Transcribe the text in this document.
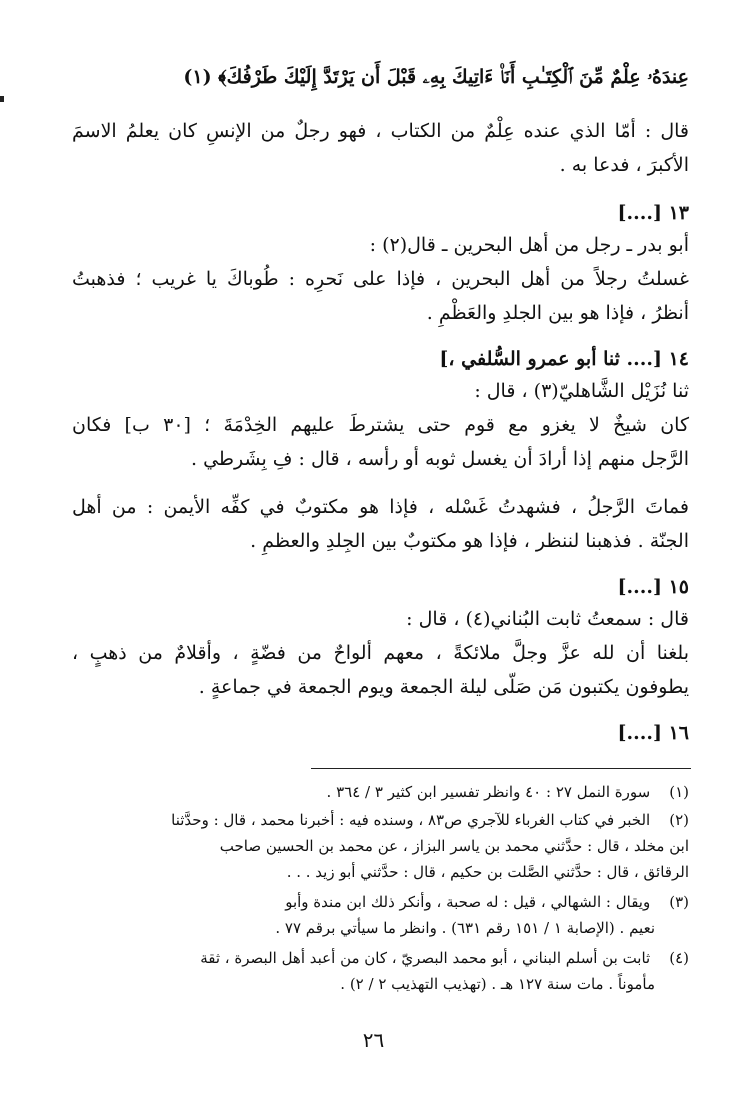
عِندَهُۥ عِلْمٌ مِّنَ ٱلْكِتَـٰبِ أَنَا۠ ءَاتِيكَ بِهِۦ قَبْلَ أَن يَرْتَدَّ إِلَيْكَ طَرْفُكَ﴾ (١)
قال : أمّا الذي عنده عِلْمٌ من الكتاب ، فهو رجلٌ من الإنسِ كان يعلمُ الاسمَ
الأكبرَ ، فدعا به .
١٣ [....]
أبو بدر ـ رجل من أهل البحرين ـ قال(٢) :
غسلتُ رجلاً من أهل البحرين ، فإذا على نَحرِه : طُوباكَ يا غريب ؛ فذهبتُ
أنظرُ ، فإذا هو بين الجلدِ والعَظْمِ .
١٤ [.... ثنا أبو عمرو السُّلفي ،]
ثنا نُزَيْل الشَّاهليّ(٣) ، قال :
كان شيخٌ لا يغزو مع قوم حتى يشترطَ عليهم الخِدْمَةَ ؛ [٣٠ ب] فكان
الرَّجل منهم إذا أرادَ أن يغسل ثوبه أو رأسه ، قال : فِ بِشَرطي .
فماتَ الرَّجلُ ، فشهدتُ غَسْله ، فإذا هو مكتوبٌ في كفِّه الأيمن : من أهل
الجنّة . فذهبنا لننظر ، فإذا هو مكتوبٌ بين الجِلدِ والعظمِ .
١٥ [....]
قال : سمعتُ ثابت البُناني(٤) ، قال :
بلغنا أن لله عزَّ وجلَّ ملائكةً ، معهم ألواحٌ من فضّةٍ ، وأقلامٌ من ذهبٍ ،
يطوفون يكتبون مَن صَلّى ليلة الجمعة ويوم الجمعة في جماعةٍ .
١٦ [....]
(١) سورة النمل ٢٧ : ٤٠ وانظر تفسير ابن كثير ٣ / ٣٦٤ .
(٢) الخبر في كتاب الغرباء للآجري ص٨٣ ، وسنده فيه : أخبرنا محمد ، قال : وحدَّثنا
ابن مخلد ، قال : حدَّثني محمد بن ياسر البزاز ، عن محمد بن الحسين صاحب
الرقائق ، قال : حدَّثني الصَّلت بن حكيم ، قال : حدَّثني أبو زيد . . .
(٣) ويقال : الشهالي ، قيل : له صحبة ، وأنكر ذلك ابن مندة وأبو
نعيم . (الإصابة ١ / ١٥١ رقم ٦٣١) . وانظر ما سيأتي برقم ٧٧ .
(٤) ثابت بن أسلم البناني ، أبو محمد البصريّ ، كان من أعبد أهل البصرة ، ثقة
مأموناً . مات سنة ١٢٧ هـ . (تهذيب التهذيب ٢ / ٢) .
٢٦
